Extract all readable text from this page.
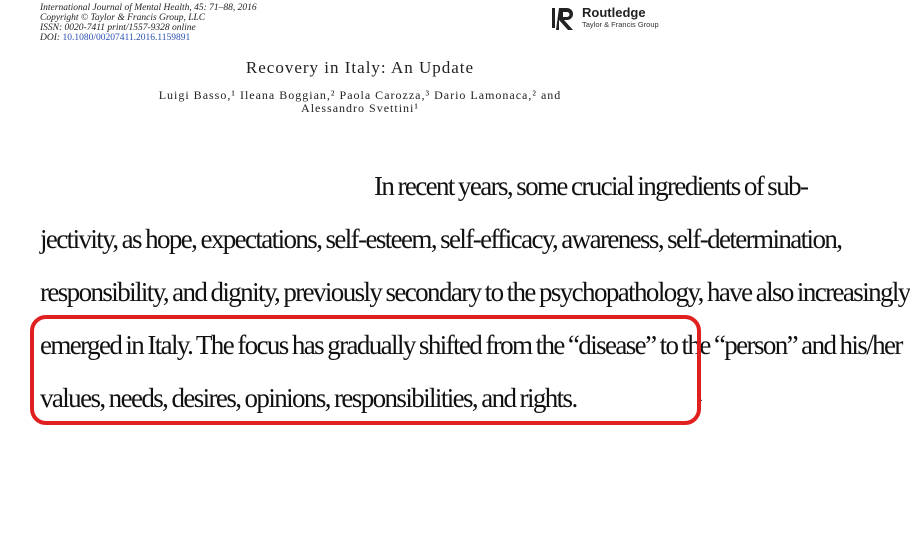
International Journal of Mental Health, 45: 71–88, 2016
Copyright © Taylor & Francis Group, LLC
ISSN: 0020-7411 print/1557-9328 online
DOI: 10.1080/00207411.2016.1159891
Routledge
Taylor & Francis Group
Recovery in Italy: An Update
Luigi Basso,¹ Ileana Boggian,² Paola Carozza,³ Dario Lamonaca,² and
Alessandro Svettini¹
In recent years, some crucial ingredients of sub-
jectivity, as hope, expectations, self-esteem, self-efficacy, awareness, self-determination,
responsibility, and dignity, previously secondary to the psychopathology, have also increasingly
emerged in Italy. The focus has gradually shifted from the “disease” to the “person” and his/her
values, needs, desires, opinions, responsibilities, and rights.	.
